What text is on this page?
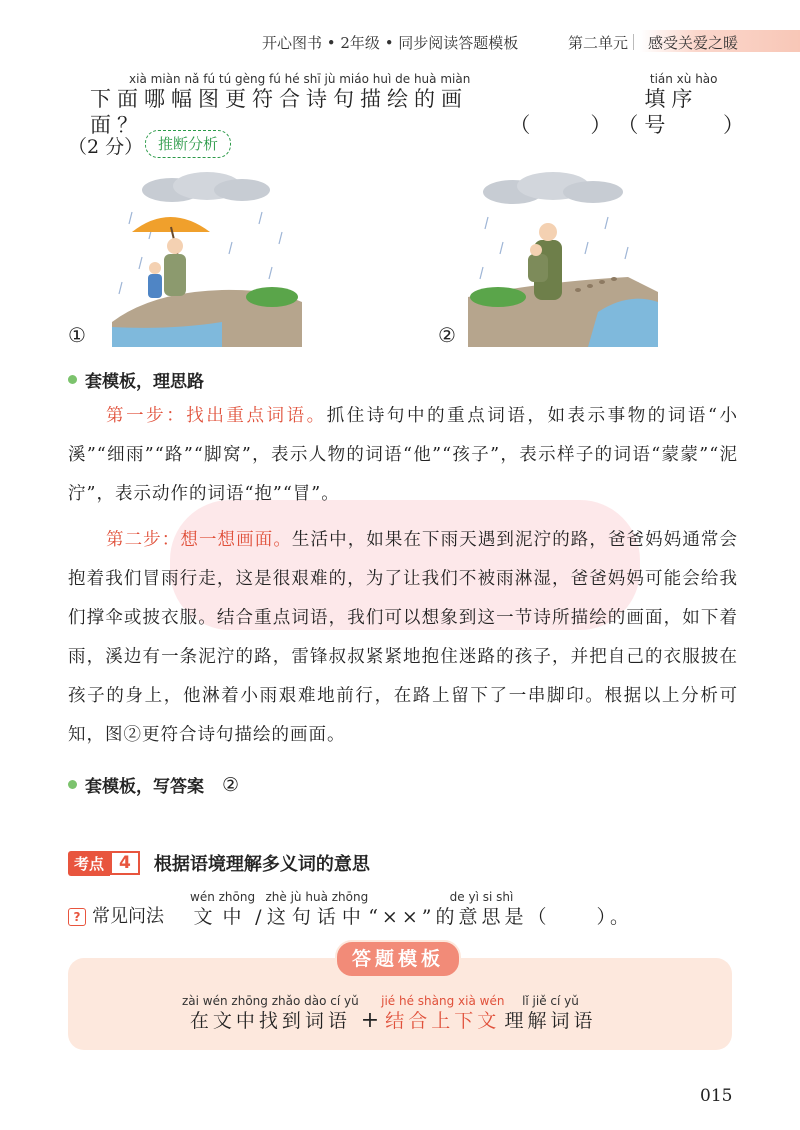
开心图书 • 2年级 • 同步阅读答题模板	第二单元 感受关爱之暖
xià miàn nǎ fú tú gèng fú hé shī jù miáo huì de huà miàn
下面哪幅图更符合诗句描绘的画面？	（　　） （
tián xù hào
填序号	）
（2 分） 推断分析
①	②
套模板，理思路
第一步：找出重点词语。抓住诗句中的重点词语，如表示事物的词语“小溪”“细雨”“路”“脚窝”，表示人物的词语“他”“孩子”，表示样子的词语“蒙蒙”“泥泞”，表示动作的词语“抱”“冒”。
第二步：想一想画面。生活中，如果在下雨天遇到泥泞的路，爸爸妈妈通常会抱着我们冒雨行走，这是很艰难的，为了让我们不被雨淋湿，爸爸妈妈可能会给我们撑伞或披衣服。结合重点词语，我们可以想象到这一节诗所描绘的画面，如下着雨，溪边有一条泥泞的路，雷锋叔叔紧紧地抱住迷路的孩子，并把自己的衣服披在孩子的身上，他淋着小雨艰难地前行，在路上留下了一串脚印。根据以上分析可知，图②更符合诗句描绘的画面。
套模板，写答案 ②
考点 4	根据语境理解多义词的意思
? 常见问法
wén zhōng
文中 /
zhè jù huà zhōng
这句话中 “××”
de yì si shì
的意思是 （　　）。
答题模板
zài wén zhōng zhǎo dào cí yǔ
在文中找到词语 +
jié hé shàng xià wén
结合上下文
lǐ jiě cí yǔ
理解词语
015
